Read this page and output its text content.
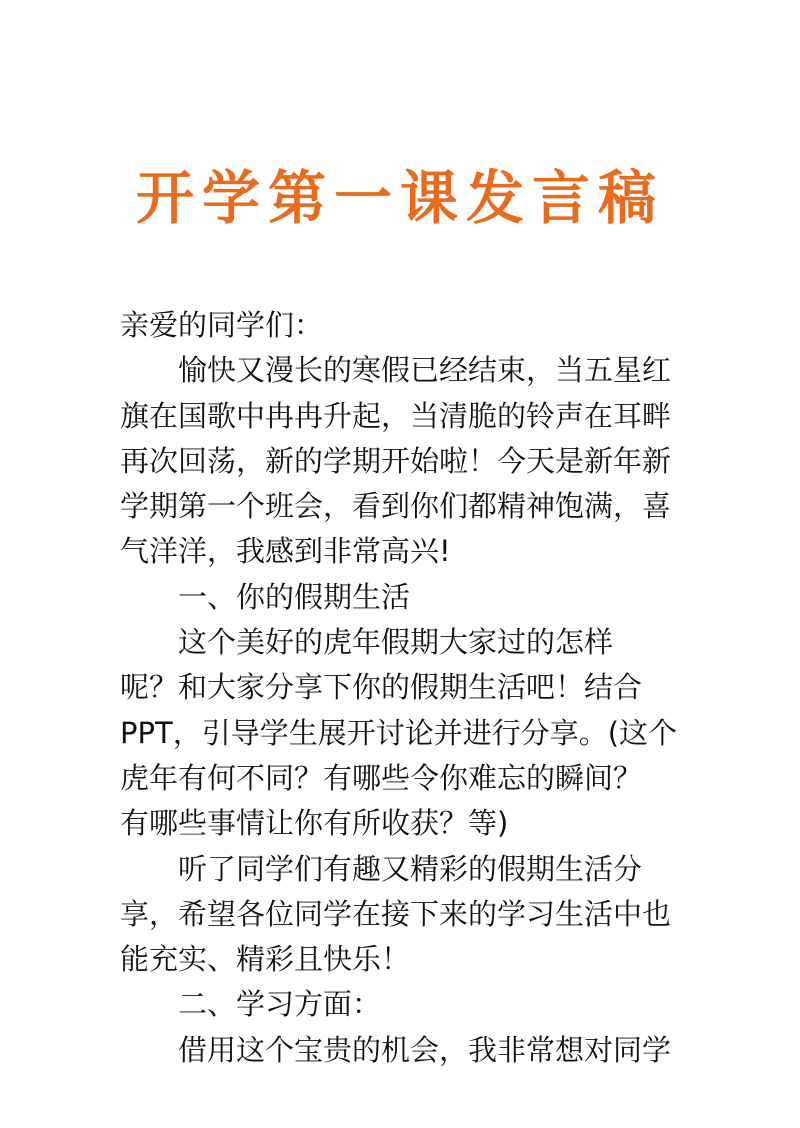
开学第一课发言稿
亲爱的同学们：
愉快又漫长的寒假已经结束，当五星红
旗在国歌中冉冉升起，当清脆的铃声在耳畔
再次回荡，新的学期开始啦！今天是新年新
学期第一个班会，看到你们都精神饱满，喜
气洋洋，我感到非常高兴!
一、你的假期生活
这个美好的虎年假期大家过的怎样
呢？和大家分享下你的假期生活吧！结合
PPT，引导学生展开讨论并进行分享。(这个
虎年有何不同？有哪些令你难忘的瞬间？
有哪些事情让你有所收获？等)
听了同学们有趣又精彩的假期生活分
享，希望各位同学在接下来的学习生活中也
能充实、精彩且快乐！
二、学习方面：
借用这个宝贵的机会，我非常想对同学
